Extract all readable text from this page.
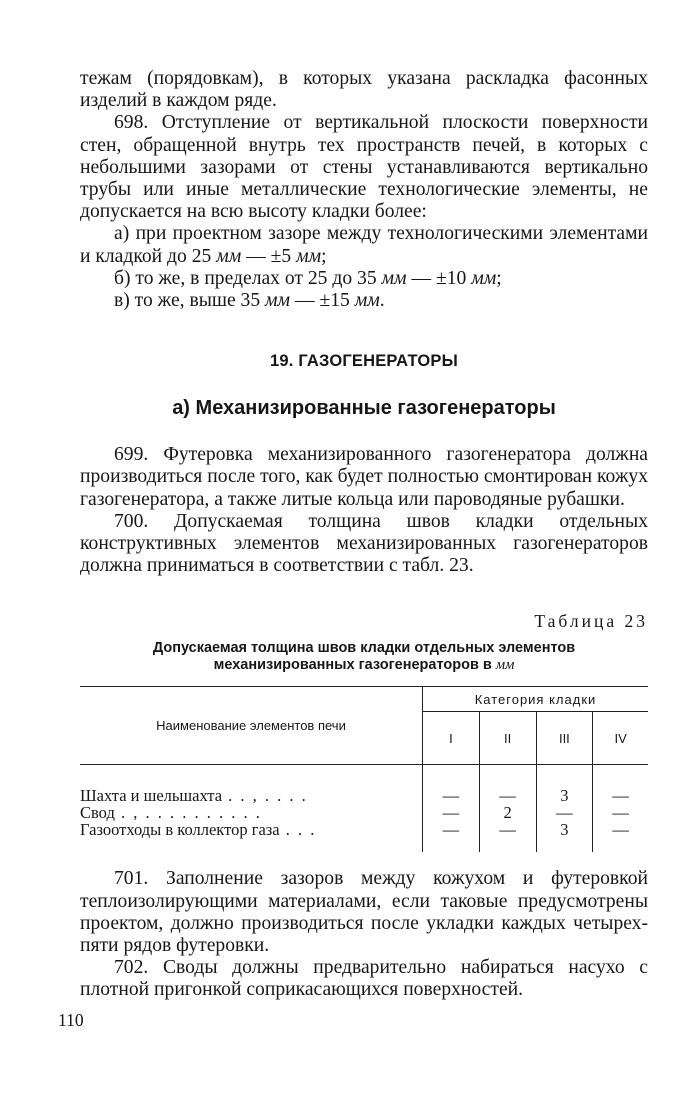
тежам (порядовкам), в которых указана раскладка фасонных изделий в каждом ряде.

698. Отступление от вертикальной плоскости поверхности стен, обращенной внутрь тех пространств печей, в которых с небольшими зазорами от стены устанавливаются вертикально трубы или иные металлические технологические элементы, не допускается на всю высоту кладки более:

а) при проектном зазоре между технологическими элементами и кладкой до 25 мм — ±5 мм;

б) то же, в пределах от 25 до 35 мм — ±10 мм;

в) то же, выше 35 мм — ±15 мм.

19. ГАЗОГЕНЕРАТОРЫ
а) Механизированные газогенераторы

699. Футеровка механизированного газогенератора должна производиться после того, как будет полностью смонтирован кожух газогенератора, а также литые кольца или пароводяные рубашки.

700. Допускаемая толщина швов кладки отдельных конструктивных элементов механизированных газогенераторов должна приниматься в соответствии с табл. 23.

Таблица 23
Допускаемая толщина швов кладки отдельных элементов
механизированных газогенераторов в мм
Наименование элементов печи	Категория кладки			
	I	II	III	IV

Шахта и шельшахта . . , . . . .	—	—	3	—
Свод . , . . . . . . . . . .	—	2	—	—
Газоотходы в коллектор газа . . .	—	—	3	—

701. Заполнение зазоров между кожухом и футеровкой теплоизолирующими материалами, если таковые предусмотрены проектом, должно производиться после укладки каждых четырех-пяти рядов футеровки.

702. Своды должны предварительно набираться насухо с плотной пригонкой соприкасающихся поверхностей.

110
